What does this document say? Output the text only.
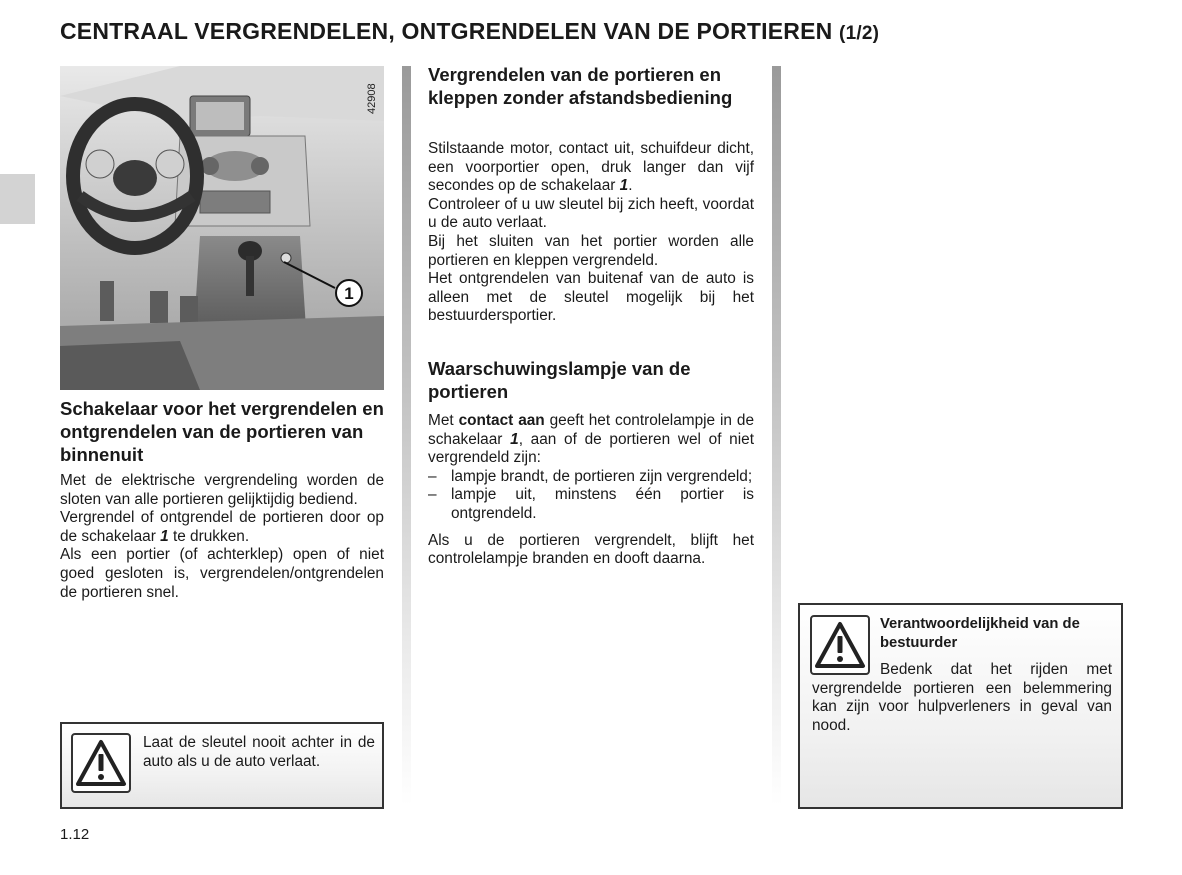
CENTRAAL VERGRENDELEN, ONTGRENDELEN VAN DE PORTIEREN (1/2)
1
42908
Schakelaar voor het vergrendelen en ontgrendelen van de portieren van binnenuit

Met de elektrische vergrendeling worden de sloten van alle portieren gelijktijdig bediend.

Vergrendel of ontgrendel de portieren door op de schakelaar 1 te drukken.

Als een portier (of achterklep) open of niet goed gesloten is, vergrendelen/ontgrendelen de portieren snel.

Laat de sleutel nooit achter in de auto als u de auto verlaat.
Vergrendelen van de portieren en kleppen zonder afstandsbediening

Stilstaande motor, contact uit, schuifdeur dicht, een voorportier open, druk langer dan vijf secondes op de schakelaar 1.

Controleer of u uw sleutel bij zich heeft, voordat u de auto verlaat.

Bij het sluiten van het portier worden alle portieren en kleppen vergrendeld.

Het ontgrendelen van buitenaf van de auto is alleen met de sleutel mogelijk bij het bestuurdersportier.

Waarschuwingslampje van de portieren

Met contact aan geeft het controlelampje in de schakelaar 1, aan of de portieren wel of niet vergrendeld zijn:

– lampje brandt, de portieren zijn vergrendeld;
– lampje uit, minstens één portier is ontgrendeld.

Als u de portieren vergrendelt, blijft het controlelampje branden en dooft daarna.

Verantwoordelijkheid van de bestuurder
Bedenk dat het rijden met vergrendelde portieren een belemmering kan zijn voor hulpverleners in geval van nood.
1.12
